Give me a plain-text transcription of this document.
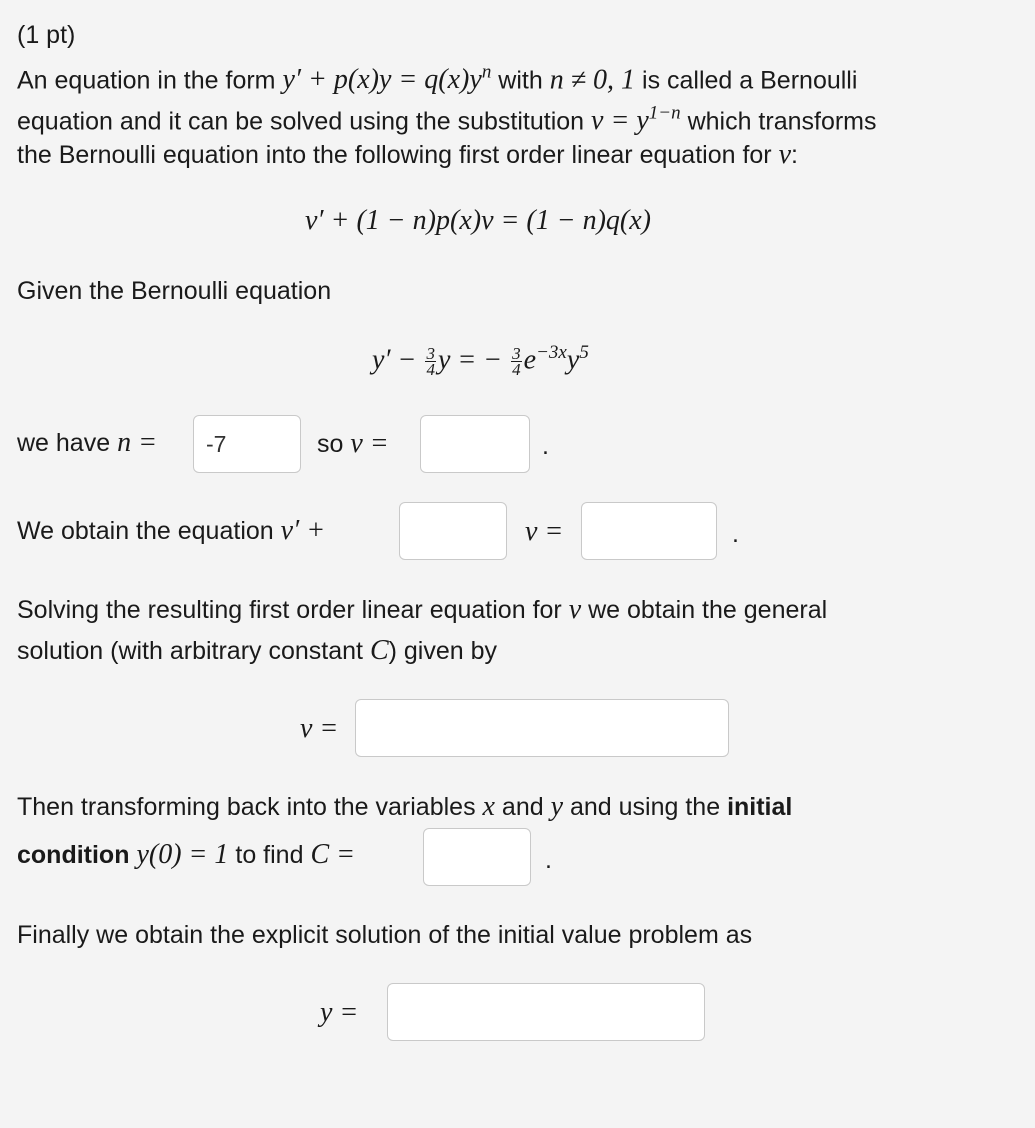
(1 pt)
An equation in the form $y' + p(x)y = q(x)y^n$ with n ≠ 0, 1 is called a Bernoulli
equation and it can be solved using the substitution $v = y^{1-n}$ which transforms
the Bernoulli equation into the following first order linear equation for v:
v′ + (1 − n)p(x)v = (1 − n)q(x)
Given the Bernoulli equation
$y' - \frac{3}{4}$ y = − $\frac{3}{4} e^{-3x}y^5$
we have n =
-7	so v =	.
We obtain the equation v′ +	v =	.
Solving the resulting first order linear equation for v we obtain the general
solution (with arbitrary constant C) given by
v =
Then transforming back into the variables x and y and using the initial
condition y(0) = 1 to find C =	.
Finally we obtain the explicit solution of the initial value problem as
y =
